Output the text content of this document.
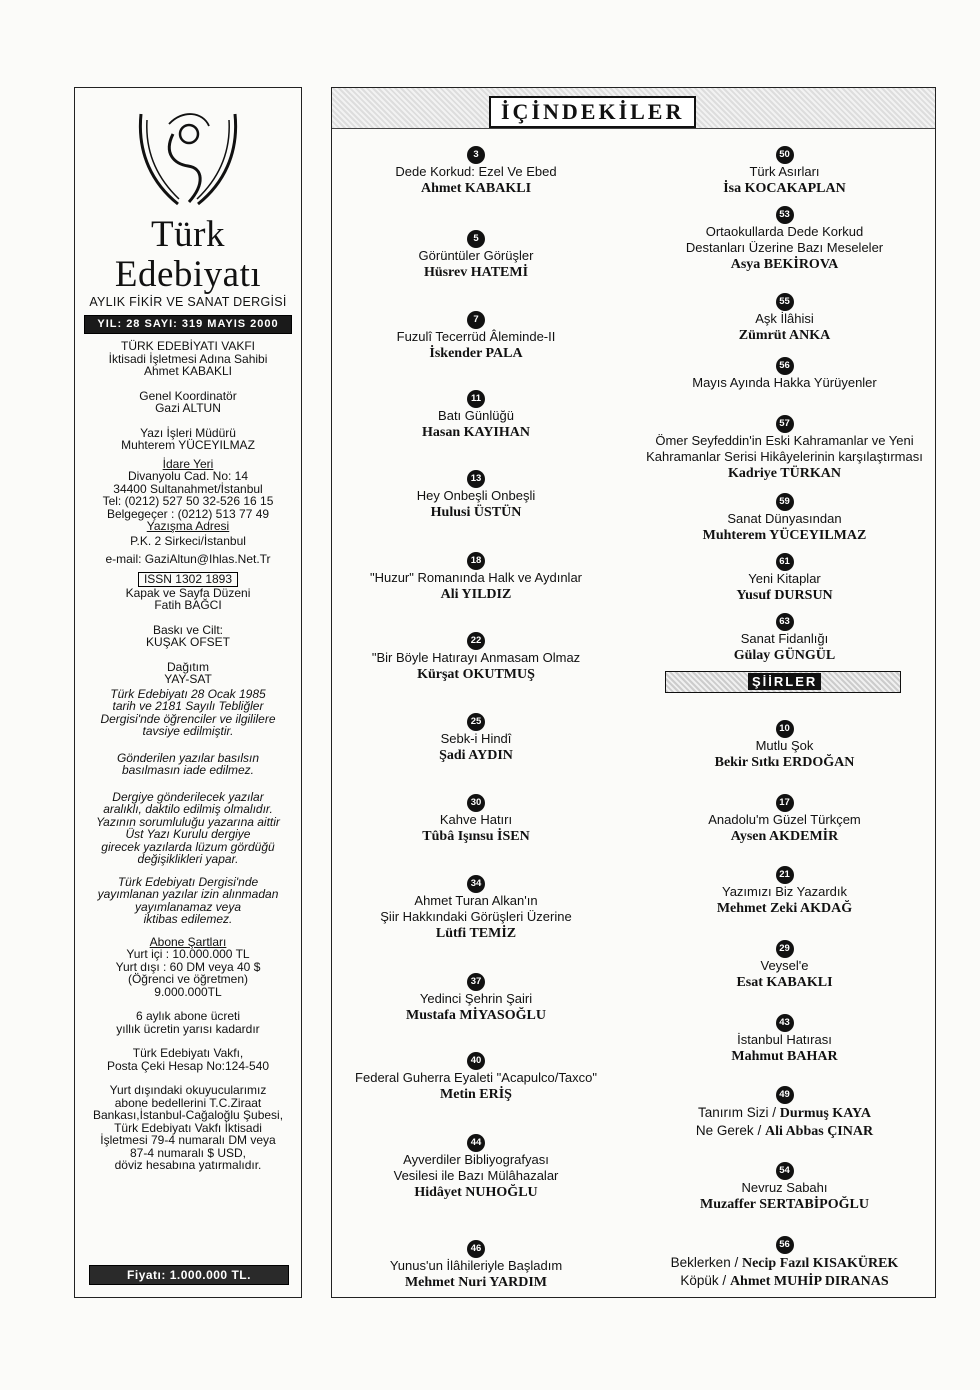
Türk Edebiyatı
AYLIK FİKİR VE SANAT DERGİSİ
YIL: 28 SAYI: 319 MAYIS 2000
TÜRK EDEBİYATI VAKFI
İktisadi İşletmesi Adına Sahibi
Ahmet KABAKLI
Genel Koordinatör
Gazi ALTUN
Yazı İşleri Müdürü
Muhterem YÜCEYILMAZ
İdare Yeri
Divanyolu Cad. No: 14
34400 Sultanahmet/İstanbul
Tel: (0212) 527 50 32-526 16 15
Belgegeçer : (0212) 513 77 49
Yazışma Adresi
P.K. 2 Sirkeci/İstanbul
e-mail: GaziAltun@Ihlas.Net.Tr
ISSN 1302 1893
Kapak ve Sayfa Düzeni
Fatih BAĞCI
Baskı ve Cilt:
KUŞAK OFSET
Dağıtım
YAY-SAT
Türk Edebiyatı 28 Ocak 1985
tarih ve 2181 Sayılı Tebliğler
Dergisi'nde öğrenciler ve ilgililere
tavsiye edilmiştir.
Gönderilen yazılar basılsın
basılmasın iade edilmez.
Dergiye gönderilecek yazılar
aralıklı, daktilo edilmiş olmalıdır.
Yazının sorumluluğu yazarına aittir
Üst Yazı Kurulu dergiye
girecek yazılarda lüzum gördüğü
değişiklikleri yapar.
Türk Edebiyatı Dergisi'nde
yayımlanan yazılar izin alınmadan
yayımlanamaz veya
iktibas edilemez.
Abone Şartları
Yurt içi : 10.000.000 TL
Yurt dışı : 60 DM veya 40 $
(Öğrenci ve öğretmen)
9.000.000TL
6 aylık abone ücreti
yıllık ücretin yarısı kadardır
Türk Edebiyatı Vakfı,
Posta Çeki Hesap No:124-540
Yurt dışındaki okuyucularımız
abone bedellerini T.C.Ziraat
Bankası,İstanbul-Cağaloğlu Şubesi,
Türk Edebiyatı Vakfı İktisadi
İşletmesi 79-4 numaralı DM veya
87-4 numaralı $ USD,
döviz hesabına yatırmalıdır.
Fiyatı: 1.000.000 TL.
İÇİNDEKİLER
3
Dede Korkud: Ezel Ve Ebed
Ahmet KABAKLI
5
Görüntüler Görüşler
Hüsrev HATEMİ
7
Fuzulî Tecerrüd Âleminde-II
İskender PALA
11
Batı Günlüğü
Hasan KAYIHAN
13
Hey Onbeşli Onbeşli
Hulusi ÜSTÜN
18
"Huzur" Romanında Halk ve Aydınlar
Ali YILDIZ
22
"Bir Böyle Hatırayı Anmasam Olmaz
Kürşat OKUTMUŞ
25
Sebk-i Hindî
Şadi AYDIN
30
Kahve Hatırı
Tûbâ Işınsu İSEN
34
Ahmet Turan Alkan'ın
Şiir Hakkındaki Görüşleri Üzerine
Lütfi TEMİZ
37
Yedinci Şehrin Şairi
Mustafa MİYASOĞLU
40
Federal Guherra Eyaleti "Acapulco/Taxco"
Metin ERİŞ
44
Ayverdiler Bibliyografyası
Vesilesi ile Bazı Mülâhazalar
Hidâyet NUHOĞLU
46
Yunus'un İlâhileriyle Başladım
Mehmet Nuri YARDIM
50
Türk Asırları
İsa KOCAKAPLAN
53
Ortaokullarda Dede Korkud
Destanları Üzerine Bazı Meseleler
Asya BEKİROVA
55
Aşk İlâhisi
Zümrüt ANKA
56
Mayıs Ayında Hakka Yürüyenler
57
Ömer Seyfeddin'in Eski Kahramanlar ve Yeni
Kahramanlar Serisi Hikâyelerinin karşılaştırması
Kadriye TÜRKAN
59
Sanat Dünyasından
Muhterem YÜCEYILMAZ
61
Yeni Kitaplar
Yusuf DURSUN
63
Sanat Fidanlığı
Gülay GÜNGÜL
10
Mutlu Şok
Bekir Sıtkı ERDOĞAN
17
Anadolu'm Güzel Türkçem
Aysen AKDEMİR
21
Yazımızı Biz Yazardık
Mehmet Zeki AKDAĞ
29
Veysel'e
Esat KABAKLI
43
İstanbul Hatırası
Mahmut BAHAR
49
Tanırım Sizi / Durmuş KAYA
Ne Gerek / Ali Abbas ÇINAR
54
Nevruz Sabahı
Muzaffer SERTABİPOĞLU
56
Beklerken / Necip Fazıl KISAKÜREK
Köpük / Ahmet MUHİP DIRANAS
ŞİİRLER
